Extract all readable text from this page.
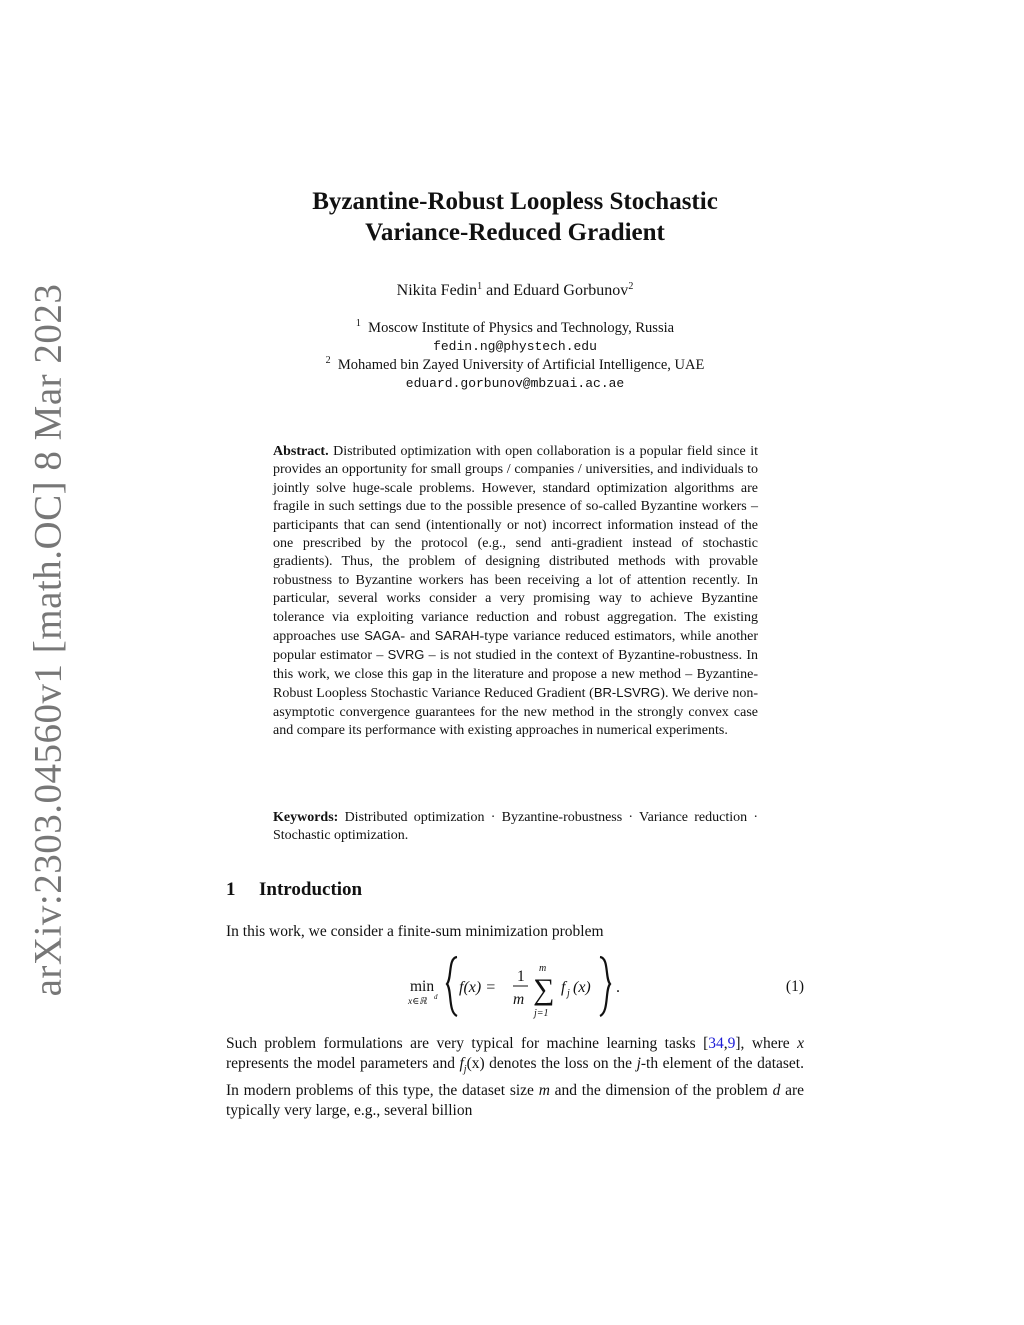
arXiv:2303.04560v1 [math.OC] 8 Mar 2023
Byzantine-Robust Loopless Stochastic
Variance-Reduced Gradient
Nikita Fedin$^1$ and Eduard Gorbunov$^2$
$^1$ Moscow Institute of Physics and Technology, Russia
fedin.ng@phystech.edu
$^2$ Mohamed bin Zayed University of Artificial Intelligence, UAE
eduard.gorbunov@mbzuai.ac.ae
Abstract. Distributed optimization with open collaboration is a popular field since it provides an opportunity for small groups / companies / universities, and individuals to jointly solve huge-scale problems. However, standard optimization algorithms are fragile in such settings due to the possible presence of so-called Byzantine workers – participants that can send (intentionally or not) incorrect information instead of the one prescribed by the protocol (e.g., send anti-gradient instead of stochastic gradients). Thus, the problem of designing distributed methods with provable robustness to Byzantine workers has been receiving a lot of attention recently. In particular, several works consider a very promising way to achieve Byzantine tolerance via exploiting variance reduction and robust aggregation. The existing approaches use SAGA- and SARAH-type variance reduced estimators, while another popular estimator – SVRG – is not studied in the context of Byzantine-robustness. In this work, we close this gap in the literature and propose a new method – Byzantine-Robust Loopless Stochastic Variance Reduced Gradient (BR-LSVRG). We derive non-asymptotic convergence guarantees for the new method in the strongly convex case and compare its performance with existing approaches in numerical experiments.
Keywords: Distributed optimization · Byzantine-robustness · Variance reduction · Stochastic optimization.
1 Introduction
In this work, we consider a finite-sum minimization problem
min
x∈ℝ d
f(x) =
1
m
m
∑
j=1
f j (x) .	(1)
Such problem formulations are very typical for machine learning tasks [34,9], where x represents the model parameters and $f_j(x)$ denotes the loss on the j-th element of the dataset. In modern problems of this type, the dataset size m and the dimension of the problem d are typically very large, e.g., several billion
